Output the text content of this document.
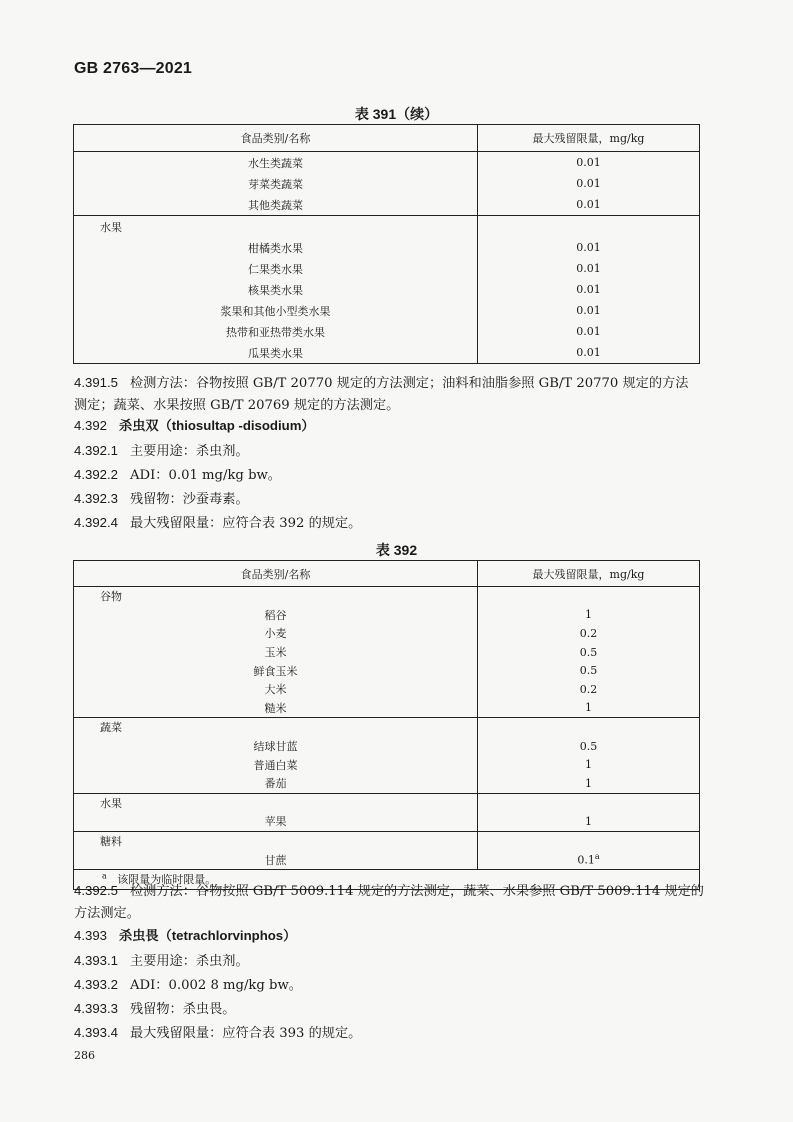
GB 2763—2021
表 391（续）
食品类别/名称	最大残留限量，mg/kg
水生类蔬菜	0.01
芽菜类蔬菜	0.01
其他类蔬菜	0.01
水果	
柑橘类水果	0.01
仁果类水果	0.01
核果类水果	0.01
浆果和其他小型类水果	0.01
热带和亚热带类水果	0.01
瓜果类水果	0.01
4.391.5 检测方法：谷物按照 GB/T 20770 规定的方法测定；油料和油脂参照 GB/T 20770 规定的方法
测定；蔬菜、水果按照 GB/T 20769 规定的方法测定。
4.392 杀虫双（thiosultap -disodium）
4.392.1 主要用途：杀虫剂。
4.392.2 ADI：0.01 mg/kg bw。
4.392.3 残留物：沙蚕毒素。
4.392.4 最大残留限量：应符合表 392 的规定。
表 392
食品类别/名称	最大残留限量，mg/kg
谷物	
稻谷	1
小麦	0.2
玉米	0.5
鲜食玉米	0.5
大米	0.2
糙米	1
蔬菜	
结球甘蓝	0.5
普通白菜	1
番茄	1
水果	
苹果	1
糖料	
甘蔗	0.1$^a$
$^a$ 该限量为临时限量。	
4.392.5 检测方法：谷物按照 GB/T 5009.114 规定的方法测定，蔬菜、水果参照 GB/T 5009.114 规定的
方法测定。
4.393 杀虫畏（tetrachlorvinphos）
4.393.1 主要用途：杀虫剂。
4.393.2 ADI：0.002 8 mg/kg bw。
4.393.3 残留物：杀虫畏。
4.393.4 最大残留限量：应符合表 393 的规定。
286
